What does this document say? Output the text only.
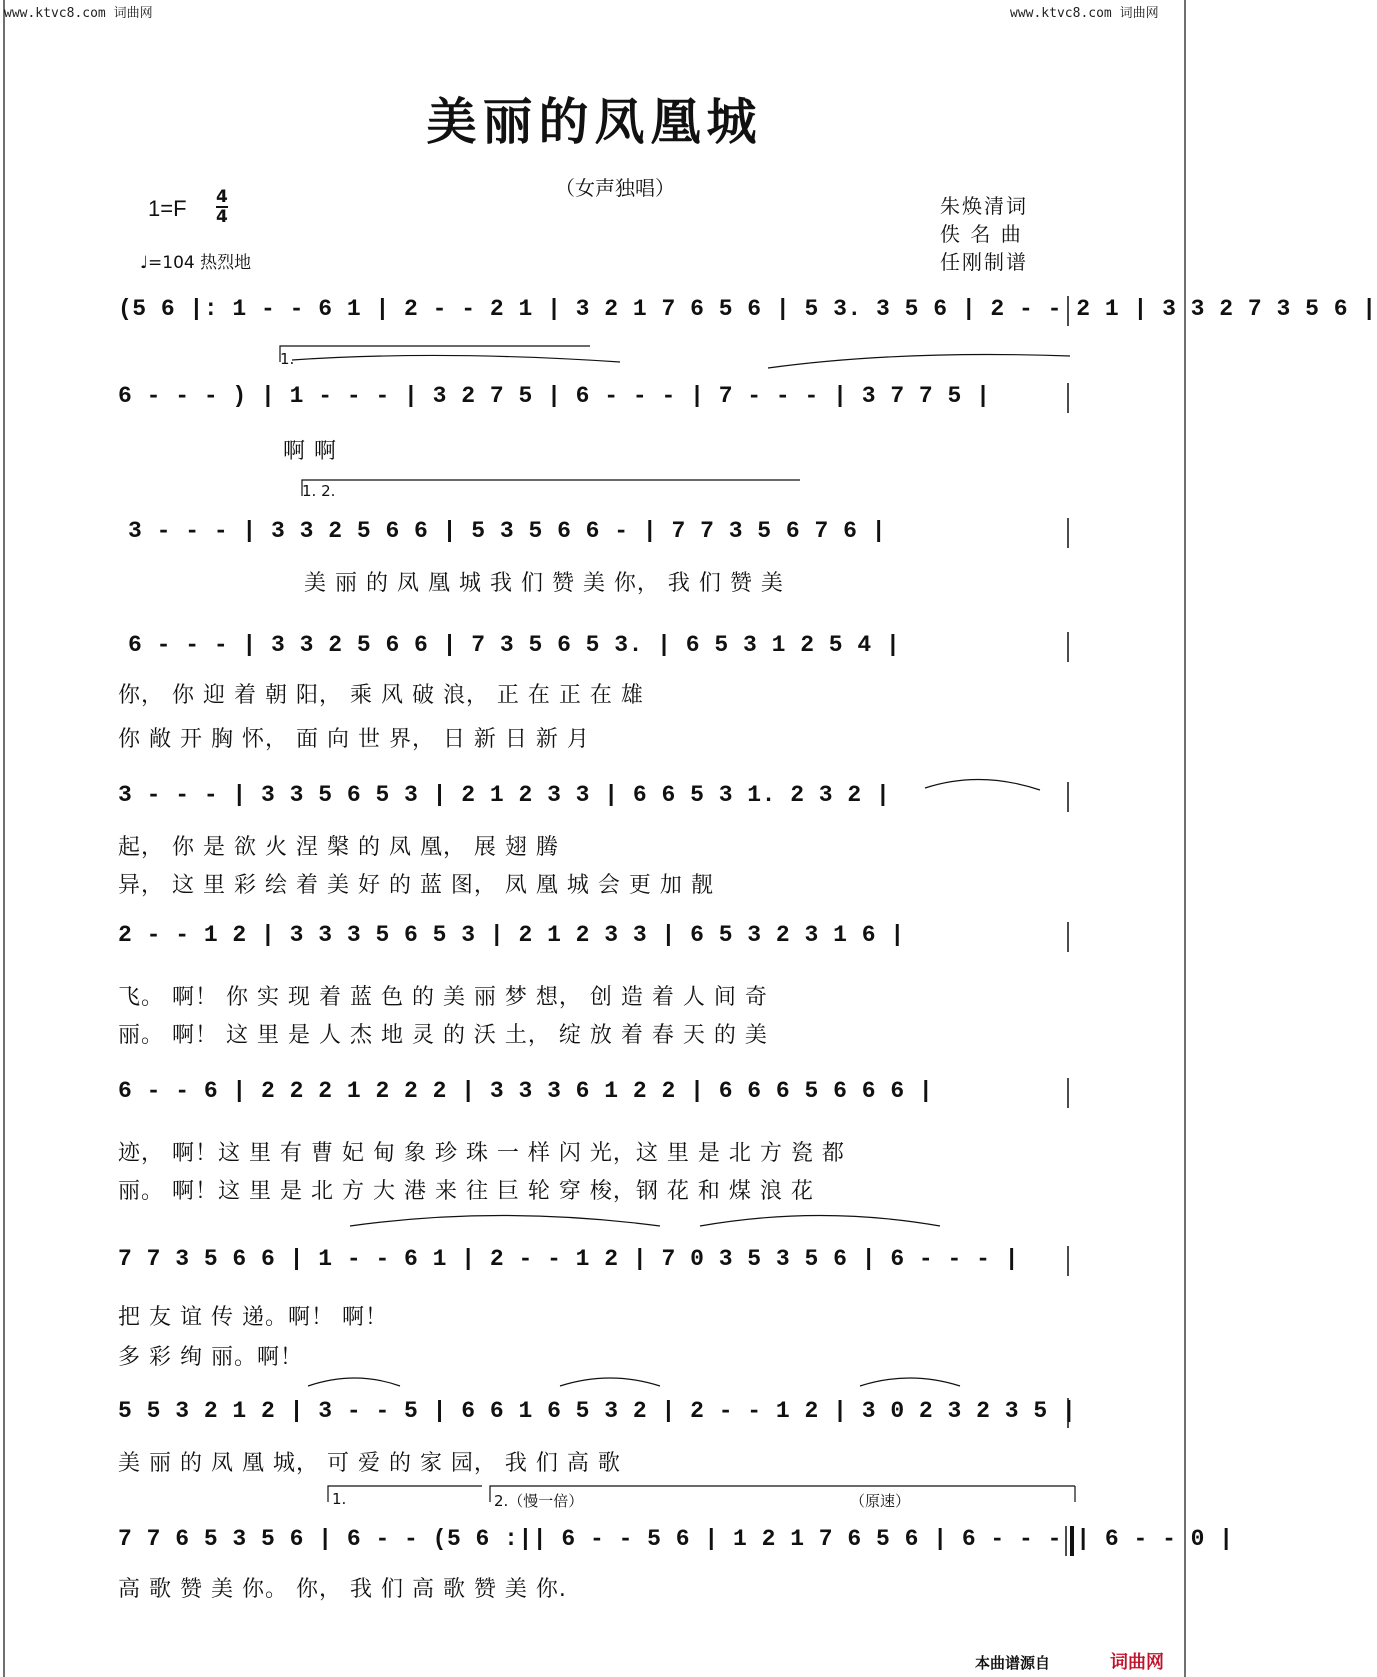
www.ktvc8.com 词曲网	www.ktvc8.com 词曲网
美丽的凤凰城
（女声独唱）
朱焕清词
佚 名 曲
任刚制谱
1=F 4
4
♩=104 热烈地
(5 6 |: 1 - - 6 1 | 2 - - 2 1 | 3 2 1 7 6 5 6 | 5 3. 3 5 6 | 2 - - 2 1 | 3 3 2 7 3 5 6 |
1.
6 - - - ) | 1 - - - | 3 2 7 5 | 6 - - - | 7 - - - | 3 7 7 5 |
啊 啊
1. 2.
3 - - - | 3 3 2 5 6 6 | 5 3 5 6 6 - | 7 7 3 5 6 7 6 |
美 丽 的 凤 凰 城 我 们 赞 美 你， 我 们 赞 美
6 - - - | 3 3 2 5 6 6 | 7 3 5 6 5 3. | 6 5 3 1 2 5 4 |
你， 你 迎 着 朝 阳， 乘 风 破 浪， 正 在 正 在 雄
你 敞 开 胸 怀， 面 向 世 界， 日 新 日 新 月
3 - - - | 3 3 5 6 5 3 | 2 1 2 3 3 | 6 6 5 3 1. 2 3 2 |
起， 你 是 欲 火 涅 槃 的 凤 凰， 展 翅 腾
异， 这 里 彩 绘 着 美 好 的 蓝 图， 凤 凰 城 会 更 加 靓
2 - - 1 2 | 3 3 3 5 6 5 3 | 2 1 2 3 3 | 6 5 3 2 3 1 6 |
飞。 啊！ 你 实 现 着 蓝 色 的 美 丽 梦 想， 创 造 着 人 间 奇
丽。 啊！ 这 里 是 人 杰 地 灵 的 沃 土， 绽 放 着 春 天 的 美
6 - - 6 | 2 2 2 1 2 2 2 | 3 3 3 6 1 2 2 | 6 6 6 5 6 6 6 |
迹， 啊！这 里 有 曹 妃 甸 象 珍 珠 一 样 闪 光，这 里 是 北 方 瓷 都
丽。 啊！这 里 是 北 方 大 港 来 往 巨 轮 穿 梭，钢 花 和 煤 浪 花
7 7 3 5 6 6 | 1 - - 6 1 | 2 - - 1 2 | 7 0 3 5 3 5 6 | 6 - - - |
把 友 谊 传 递。啊！ 啊！
多 彩 绚 丽。啊！
5 5 3 2 1 2 | 3 - - 5 | 6 6 1 6 5 3 2 | 2 - - 1 2 | 3 0 2 3 2 3 5 |
美 丽 的 凤 凰 城， 可 爱 的 家 园， 我 们 高 歌
1.	2.（慢一倍）	（原速）
7 7 6 5 3 5 6 | 6 - - (5 6 :|| 6 - - 5 6 | 1 2 1 7 6 5 6 | 6 - - - | 6 - - 0 |
高 歌 赞 美 你。 你， 我 们 高 歌 赞 美 你.
本曲谱源自	词曲网
